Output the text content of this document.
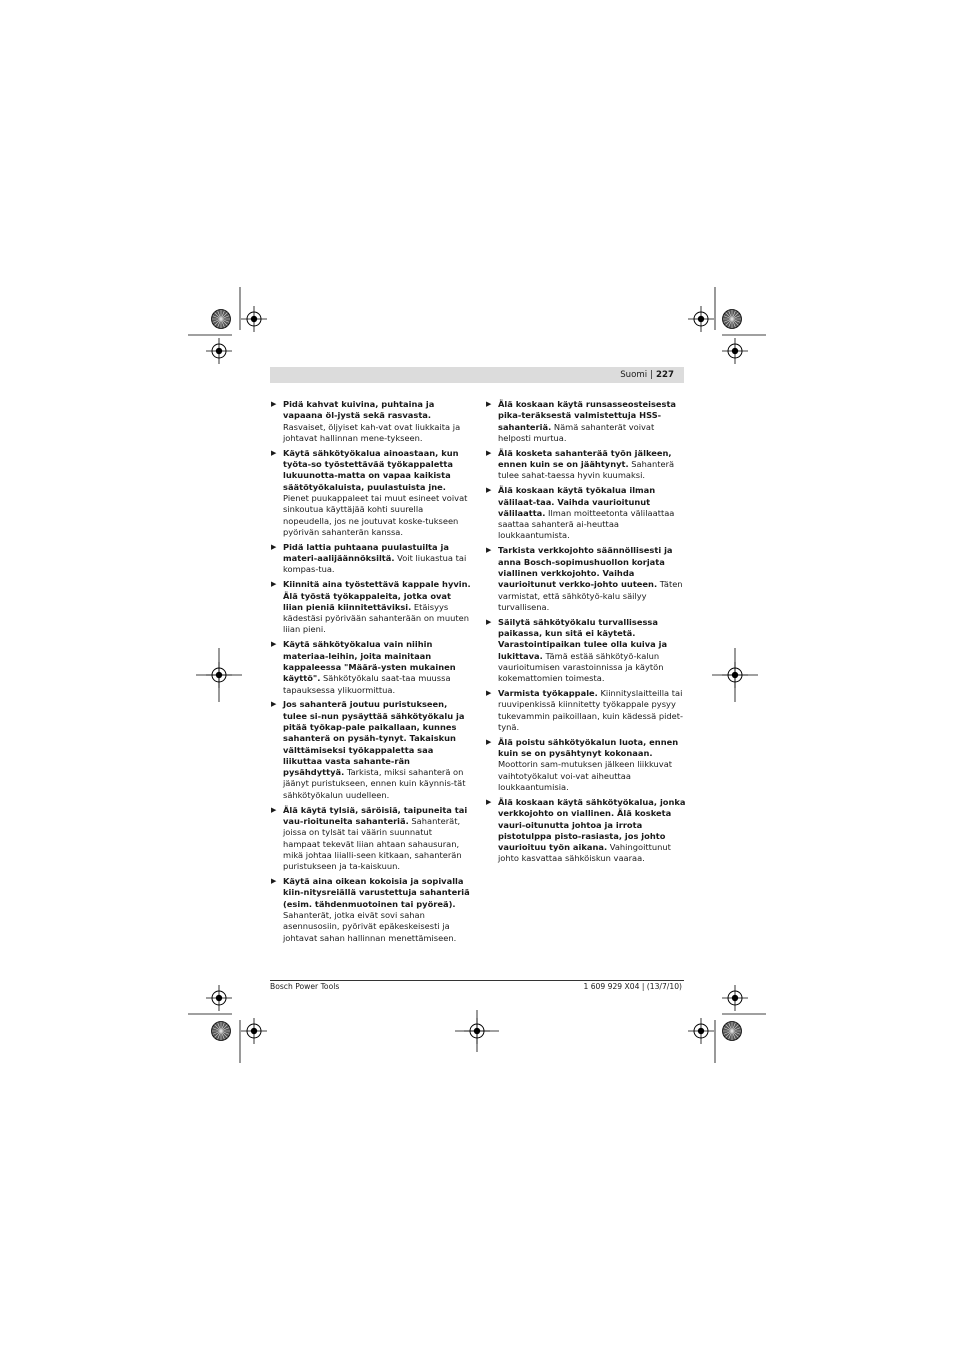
Suomi | 227
▶ Pidä kahvat kuivina, puhtaina ja vapaana öl-jystä sekä rasvasta. Rasvaiset, öljyiset kah-vat ovat liukkaita ja johtavat hallinnan mene-tykseen.
▶ Käytä sähkötyökalua ainoastaan, kun työta-so työstettävää työkappaletta lukuunotta-matta on vapaa kaikista säätötyökaluista, puulastuista jne. Pienet puukappaleet tai muut esineet voivat sinkoutua käyttäjää kohti suurella nopeudella, jos ne joutuvat koske-tukseen pyörivän sahanterän kanssa.
▶ Pidä lattia puhtaana puulastuilta ja materi-aalijäännöksiltä. Voit liukastua tai kompas-tua.
▶ Kiinnitä aina työstettävä kappale hyvin. Älä työstä työkappaleita, jotka ovat liian pieniä kiinnitettäviksi. Etäisyys kädestäsi pyörivään sahanterään on muuten liian pieni.
▶ Käytä sähkötyökalua vain niihin materiaa-leihin, joita mainitaan kappaleessa "Määrä-ysten mukainen käyttö". Sähkötyökalu saat-taa muussa tapauksessa ylikuormittua.
▶ Jos sahanterä joutuu puristukseen, tulee si-nun pysäyttää sähkötyökalu ja pitää työkap-pale paikallaan, kunnes sahanterä on pysäh-tynyt. Takaiskun välttämiseksi työkappaletta saa liikuttaa vasta sahante-rän pysähdyttyä. Tarkista, miksi sahanterä on jäänyt puristukseen, ennen kuin käynnis-tät sähkötyökalun uudelleen.
▶ Älä käytä tylsiä, säröisiä, taipuneita tai vau-rioituneita sahanteriä. Sahanterät, joissa on tylsät tai väärin suunnatut hampaat tekevät liian ahtaan sahausuran, mikä johtaa liialli-seen kitkaan, sahanterän puristukseen ja ta-kaiskuun.
▶ Käytä aina oikean kokoisia ja sopivalla kiin-nitysreiällä varustettuja sahanteriä (esim. tähdenmuotoinen tai pyöreä). Sahanterät, jotka eivät sovi sahan asennusosiin, pyörivät epäkeskeisesti ja johtavat sahan hallinnan menettämiseen.
▶ Älä koskaan käytä runsasseosteisesta pika-teräksestä valmistettuja HSS-sahanteriä. Nämä sahanterät voivat helposti murtua.
▶ Älä kosketa sahanterää työn jälkeen, ennen kuin se on jäähtynyt. Sahanterä tulee sahat-taessa hyvin kuumaksi.
▶ Älä koskaan käytä työkalua ilman välilaat-taa. Vaihda vaurioitunut välilaatta. Ilman moitteetonta välilaattaa saattaa sahanterä ai-heuttaa loukkaantumista.
▶ Tarkista verkkojohto säännöllisesti ja anna Bosch-sopimushuollon korjata viallinen verkkojohto. Vaihda vaurioitunut verkko-johto uuteen. Täten varmistat, että sähkötyö-kalu säilyy turvallisena.
▶ Säilytä sähkötyökalu turvallisessa paikassa, kun sitä ei käytetä. Varastointipaikan tulee olla kuiva ja lukittava. Tämä estää sähkötyö-kalun vaurioitumisen varastoinnissa ja käytön kokemattomien toimesta.
▶ Varmista työkappale. Kiinnityslaitteilla tai ruuvipenkissä kiinnitetty työkappale pysyy tukevammin paikoillaan, kuin kädessä pidet-tynä.
▶ Älä poistu sähkötyökalun luota, ennen kuin se on pysähtynyt kokonaan. Moottorin sam-mutuksen jälkeen liikkuvat vaihtotyökalut voi-vat aiheuttaa loukkaantumisia.
▶ Älä koskaan käytä sähkötyökalua, jonka verkkojohto on viallinen. Älä kosketa vauri-oitunutta johtoa ja irrota pistotulppa pisto-rasiasta, jos johto vaurioituu työn aikana. Vahingoittunut johto kasvattaa sähköiskun vaaraa.
Bosch Power Tools	1 609 929 X04 | (13/7/10)
